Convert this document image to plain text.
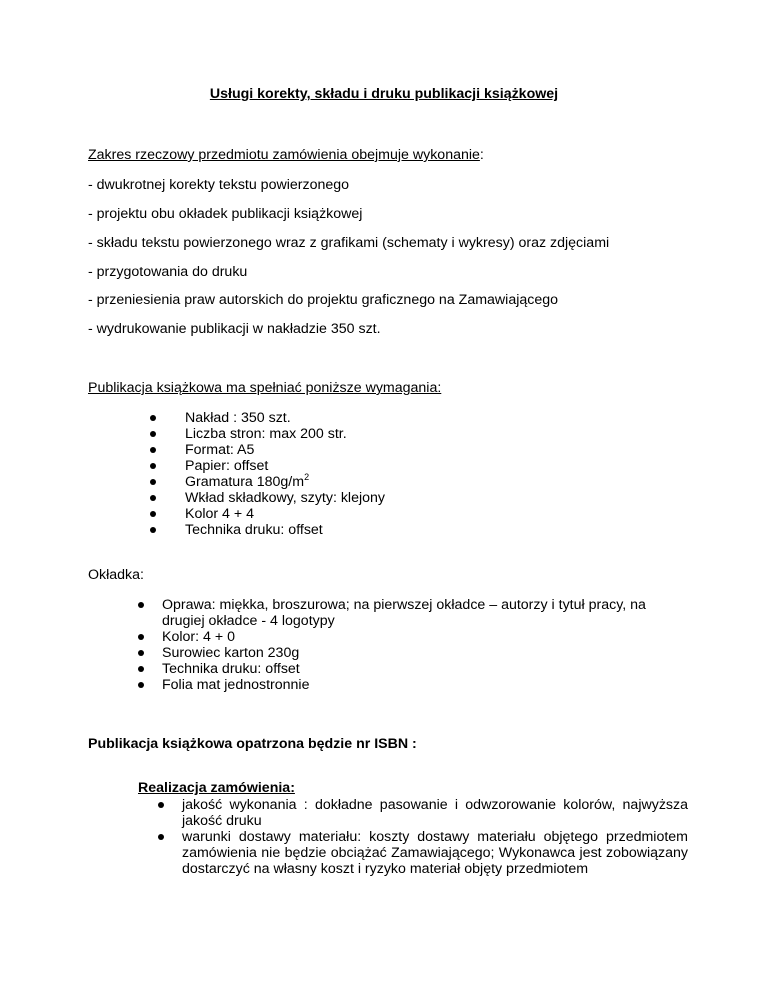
Usługi korekty, składu i druku publikacji książkowej
Zakres rzeczowy przedmiotu zamówienia obejmuje wykonanie:
- dwukrotnej korekty tekstu powierzonego
- projektu obu okładek publikacji książkowej
- składu tekstu powierzonego wraz z grafikami (schematy i wykresy) oraz zdjęciami
- przygotowania do druku
- przeniesienia praw autorskich do projektu graficznego na Zamawiającego
- wydrukowanie publikacji w nakładzie 350 szt.
Publikacja książkowa ma spełniać poniższe wymagania:
Nakład : 350 szt.
Liczba stron: max 200 str.
Format: A5
Papier: offset
Gramatura $180g/m^2$
Wkład składkowy, szyty: klejony
Kolor 4 + 4
Technika druku: offset
Okładka:
Oprawa: miękka, broszurowa; na pierwszej okładce – autorzy i tytuł pracy, na drugiej okładce - 4 logotypy
Kolor: 4 + 0
Surowiec karton 230g
Technika druku: offset
Folia mat jednostronnie
Publikacja książkowa opatrzona będzie nr ISBN :
Realizacja zamówienia:
jakość wykonania : dokładne pasowanie i odwzorowanie kolorów, najwyższa jakość druku
warunki dostawy materiału: koszty dostawy materiału objętego przedmiotem zamówienia nie będzie obciążać Zamawiającego; Wykonawca jest zobowiązany dostarczyć na własny koszt i ryzyko materiał objęty przedmiotem
